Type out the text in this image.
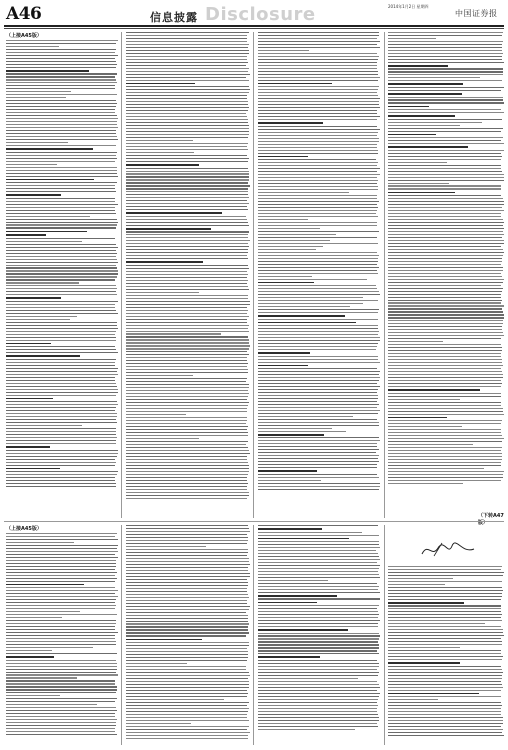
A46	信息披露 Disclosure	2014年1月2日 星期四
中国证券报
（上接A45版）
（下转A47版）
（上接A45版）
